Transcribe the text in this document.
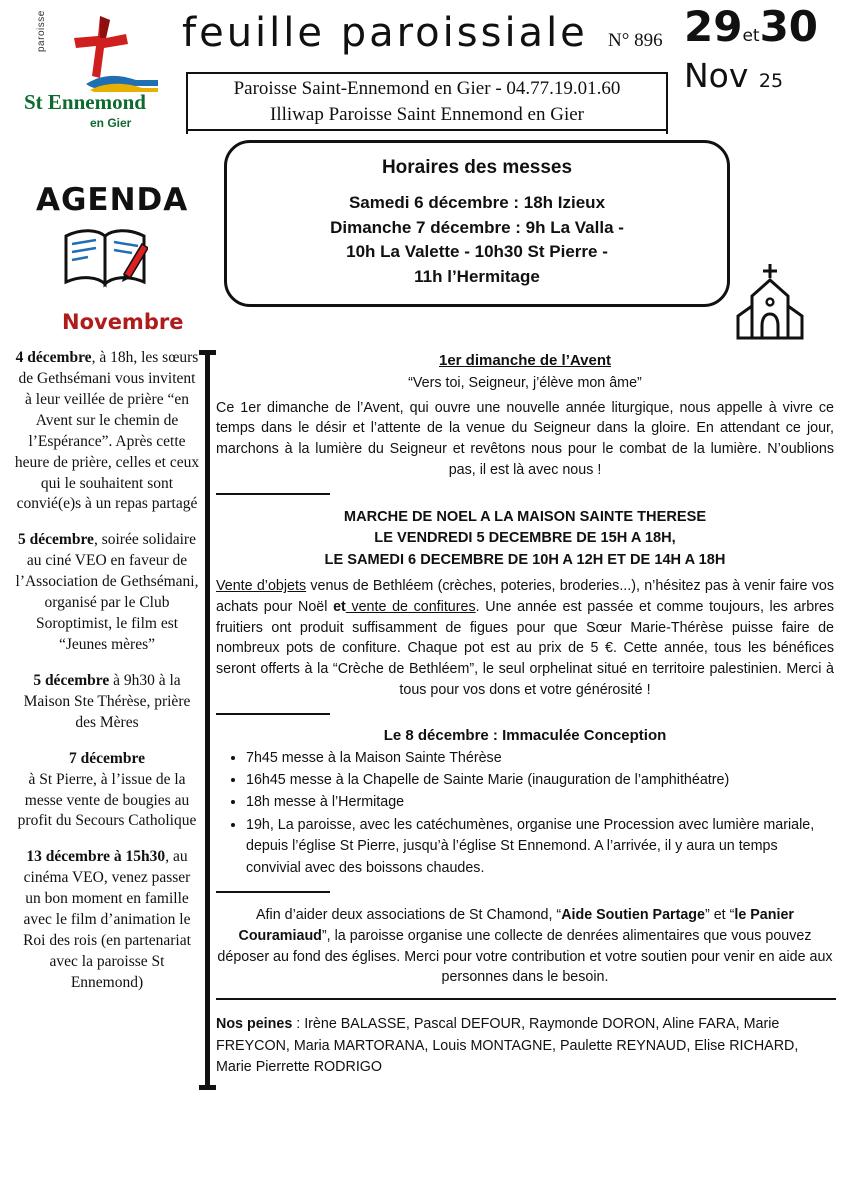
paroisse
St Ennemond
en Gier
feuille paroissiale	N° 896
Paroisse Saint-Ennemond en Gier - 04.77.19.01.60
Illiwap Paroisse Saint Ennemond en Gier
29et30
Nov 25
Horaires des messes
Samedi 6 décembre : 18h Izieux
Dimanche 7 décembre : 9h La Valla -
10h La Valette - 10h30 St Pierre -
11h l’Hermitage
AGENDA
Novembre
4 décembre, à 18h, les sœurs de Gethsémani vous invitent à leur veillée de prière “en Avent sur le chemin de l’Espérance”. Après cette heure de prière, celles et ceux qui le souhaitent sont convié(e)s à un repas partagé
5 décembre, soirée solidaire au ciné VEO en faveur de l’Association de Gethsémani, organisé par le Club Soroptimist, le film est “Jeunes mères”
5 décembre à 9h30 à la Maison Ste Thérèse, prière des Mères
7 décembre
à St Pierre, à l’issue de la messe vente de bougies au profit du Secours Catholique
13 décembre à 15h30, au cinéma VEO, venez passer un bon moment en famille avec le film d’animation le Roi des rois (en partenariat avec la paroisse St Ennemond)
1er dimanche de l’Avent

“Vers toi, Seigneur, j’élève mon âme”

Ce 1er dimanche de l’Avent, qui ouvre une nouvelle année liturgique, nous appelle à vivre ce temps dans le désir et l’attente de la venue du Seigneur dans la gloire. En attendant ce jour, marchons à la lumière du Seigneur et revêtons nous pour le combat de la lumière. N’oublions pas, il est là avec nous !

MARCHE DE NOEL A LA MAISON SAINTE THERESE
LE VENDREDI 5 DECEMBRE DE 15H A 18H,
LE SAMEDI 6 DECEMBRE DE 10H A 12H ET DE 14H A 18H

Vente d’objets venus de Bethléem (crèches, poteries, broderies...), n’hésitez pas à venir faire vos achats pour Noël et vente de confitures. Une année est passée et comme toujours, les arbres fruitiers ont produit suffisamment de figues pour que Sœur Marie-Thérèse puisse faire de nombreux pots de confiture. Chaque pot est au prix de 5 €. Cette année, tous les bénéfices seront offerts à la “Crèche de Bethléem”, le seul orphelinat situé en territoire palestinien. Merci à tous pour vos dons et votre générosité !

Le 8 décembre : Immaculée Conception
• 7h45 messe à la Maison Sainte Thérèse
• 16h45 messe à la Chapelle de Sainte Marie (inauguration de l’amphithéatre)
• 18h messe à l’Hermitage
• 19h, La paroisse, avec les catéchumènes, organise une Procession avec lumière mariale, depuis l’église St Pierre, jusqu’à l’église St Ennemond. A l’arrivée, il y aura un temps convivial avec des boissons chaudes.

Afin d’aider deux associations de St Chamond, “Aide Soutien Partage” et “le Panier Couramiaud”, la paroisse organise une collecte de denrées alimentaires que vous pouvez déposer au fond des églises. Merci pour votre contribution et votre soutien pour venir en aide aux personnes dans le besoin.

Nos peines : Irène BALASSE, Pascal DEFOUR, Raymonde DORON, Aline FARA, Marie FREYCON, Maria MARTORANA, Louis MONTAGNE, Paulette REYNAUD, Elise RICHARD, Marie Pierrette RODRIGO
